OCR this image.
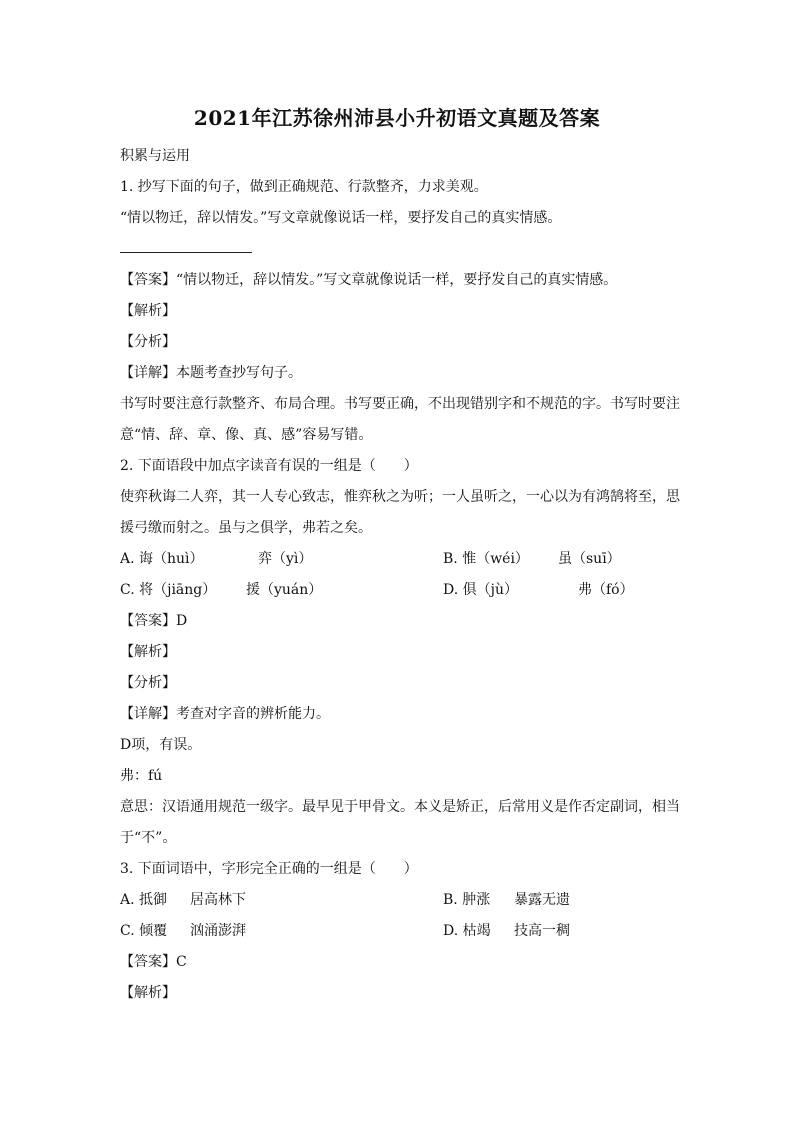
2021年江苏徐州沛县小升初语文真题及答案
积累与运用
1. 抄写下面的句子，做到正确规范、行款整齐，力求美观。
“情以物迁，辞以情发。”写文章就像说话一样，要抒发自己的真实情感。
【答案】“情以物迁，辞以情发。”写文章就像说话一样，要抒发自己的真实情感。
【解析】
【分析】
【详解】本题考查抄写句子。
书写时要注意行款整齐、布局合理。书写要正确，不出现错别字和不规范的字。书写时要注
意“情、辞、章、像、真、感”容易写错。
2. 下面语段中加点字读音有误的一组是（　　）
使弈秋诲二人弈，其一人专心致志，惟弈秋之为听；一人虽听之，一心以为有鸿鹄将至，思
援弓缴而射之。虽与之俱学，弗若之矣。
A. 诲（huì）	弈（yì）	B. 惟（wéi） 虽（suī）
C. 将（jiāng） 援（yuán）	D. 俱（jù）	弗（fó）
【答案】D
【解析】
【分析】
【详解】考查对字音的辨析能力。
D项，有误。
弗：fú
意思：汉语通用规范一级字。最早见于甲骨文。本义是矫正，后常用义是作否定副词，相当
于“不”。
3. 下面词语中，字形完全正确的一组是（　　）
A. 抵御 居高林下	B. 肿涨 暴露无遗
C. 倾覆 汹涌澎湃	D. 枯竭 技高一稠
【答案】C
【解析】
